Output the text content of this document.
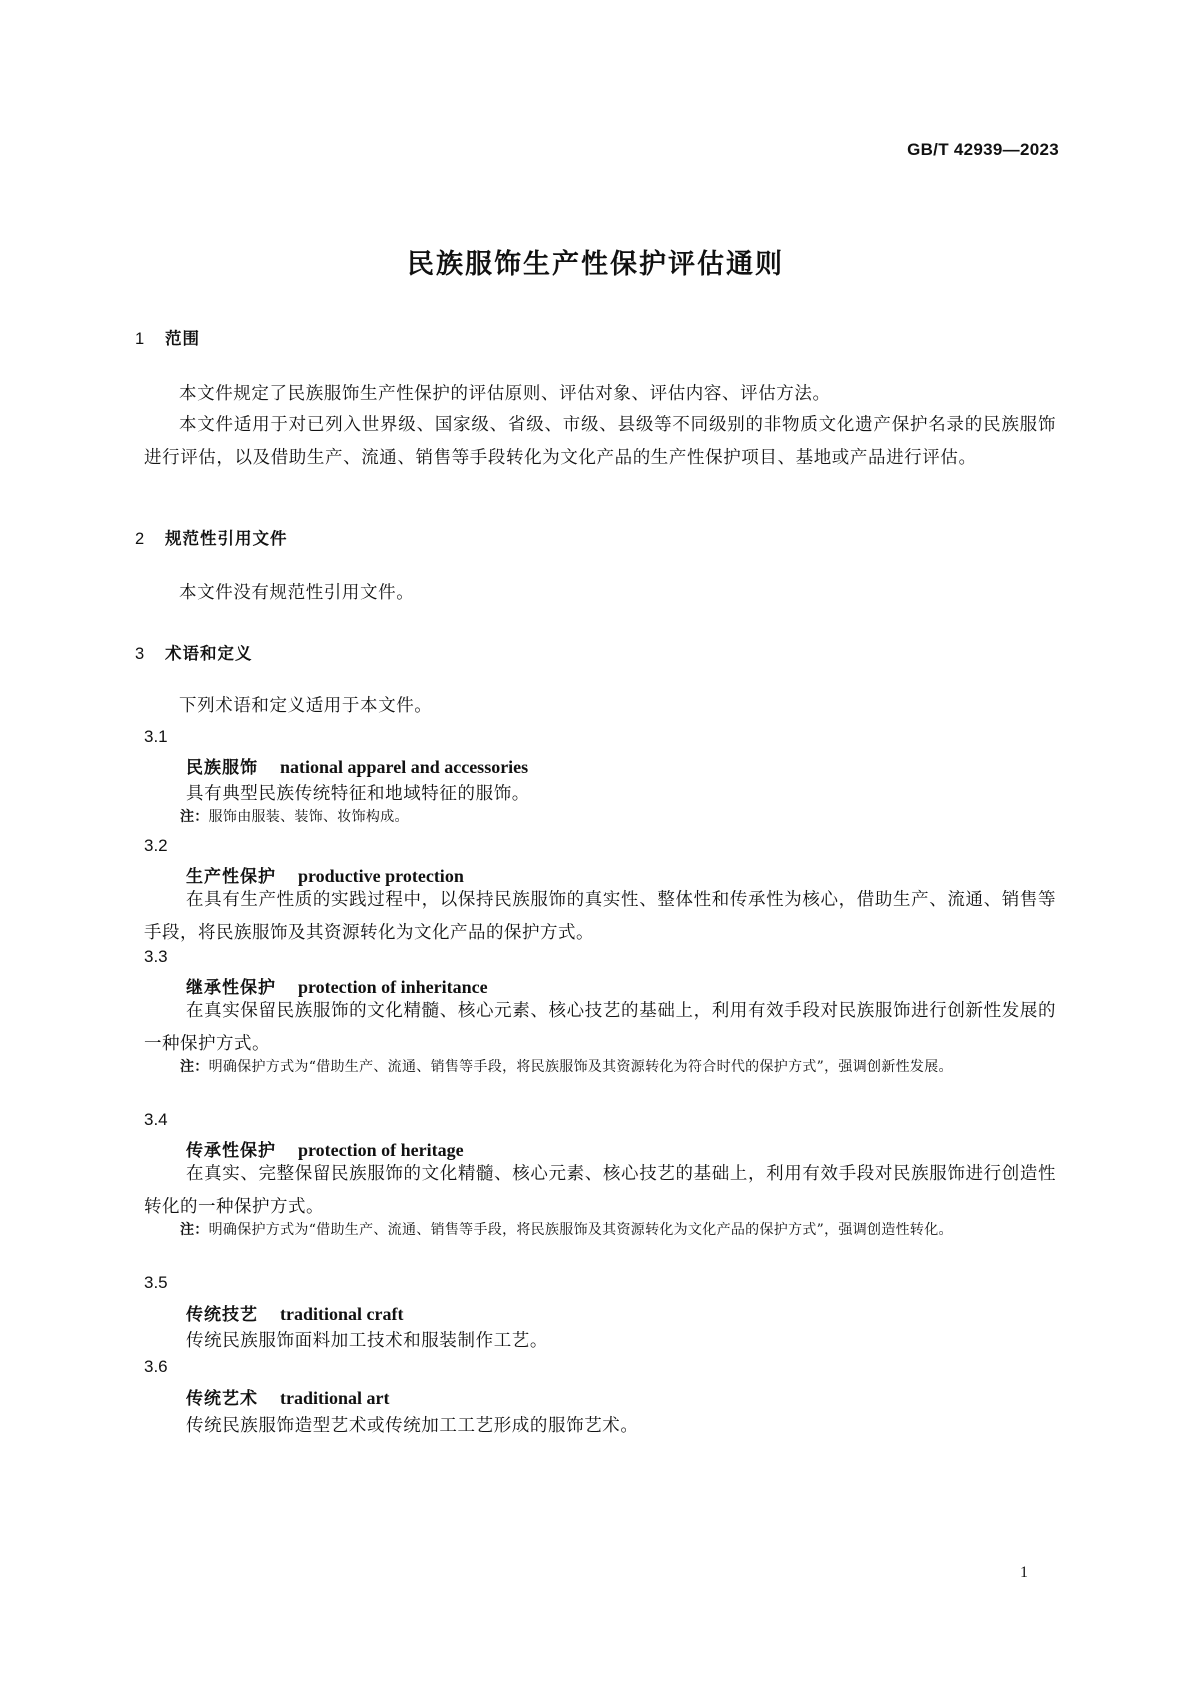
GB/T 42939—2023
民族服饰生产性保护评估通则
1 范围
本文件规定了民族服饰生产性保护的评估原则、评估对象、评估内容、评估方法。
本文件适用于对已列入世界级、国家级、省级、市级、县级等不同级别的非物质文化遗产保护名录的民族服饰进行评估，以及借助生产、流通、销售等手段转化为文化产品的生产性保护项目、基地或产品进行评估。
2 规范性引用文件
本文件没有规范性引用文件。
3 术语和定义
下列术语和定义适用于本文件。
3.1
民族服饰 national apparel and accessories
具有典型民族传统特征和地域特征的服饰。
注：服饰由服装、装饰、妆饰构成。
3.2
生产性保护 productive protection
在具有生产性质的实践过程中，以保持民族服饰的真实性、整体性和传承性为核心，借助生产、流通、销售等手段，将民族服饰及其资源转化为文化产品的保护方式。
3.3
继承性保护 protection of inheritance
在真实保留民族服饰的文化精髓、核心元素、核心技艺的基础上，利用有效手段对民族服饰进行创新性发展的一种保护方式。
注：明确保护方式为“借助生产、流通、销售等手段，将民族服饰及其资源转化为符合时代的保护方式”，强调创新性发展。
3.4
传承性保护 protection of heritage
在真实、完整保留民族服饰的文化精髓、核心元素、核心技艺的基础上，利用有效手段对民族服饰进行创造性转化的一种保护方式。
注：明确保护方式为“借助生产、流通、销售等手段，将民族服饰及其资源转化为文化产品的保护方式”，强调创造性转化。
3.5
传统技艺 traditional craft
传统民族服饰面料加工技术和服装制作工艺。
3.6
传统艺术 traditional art
传统民族服饰造型艺术或传统加工工艺形成的服饰艺术。
1
